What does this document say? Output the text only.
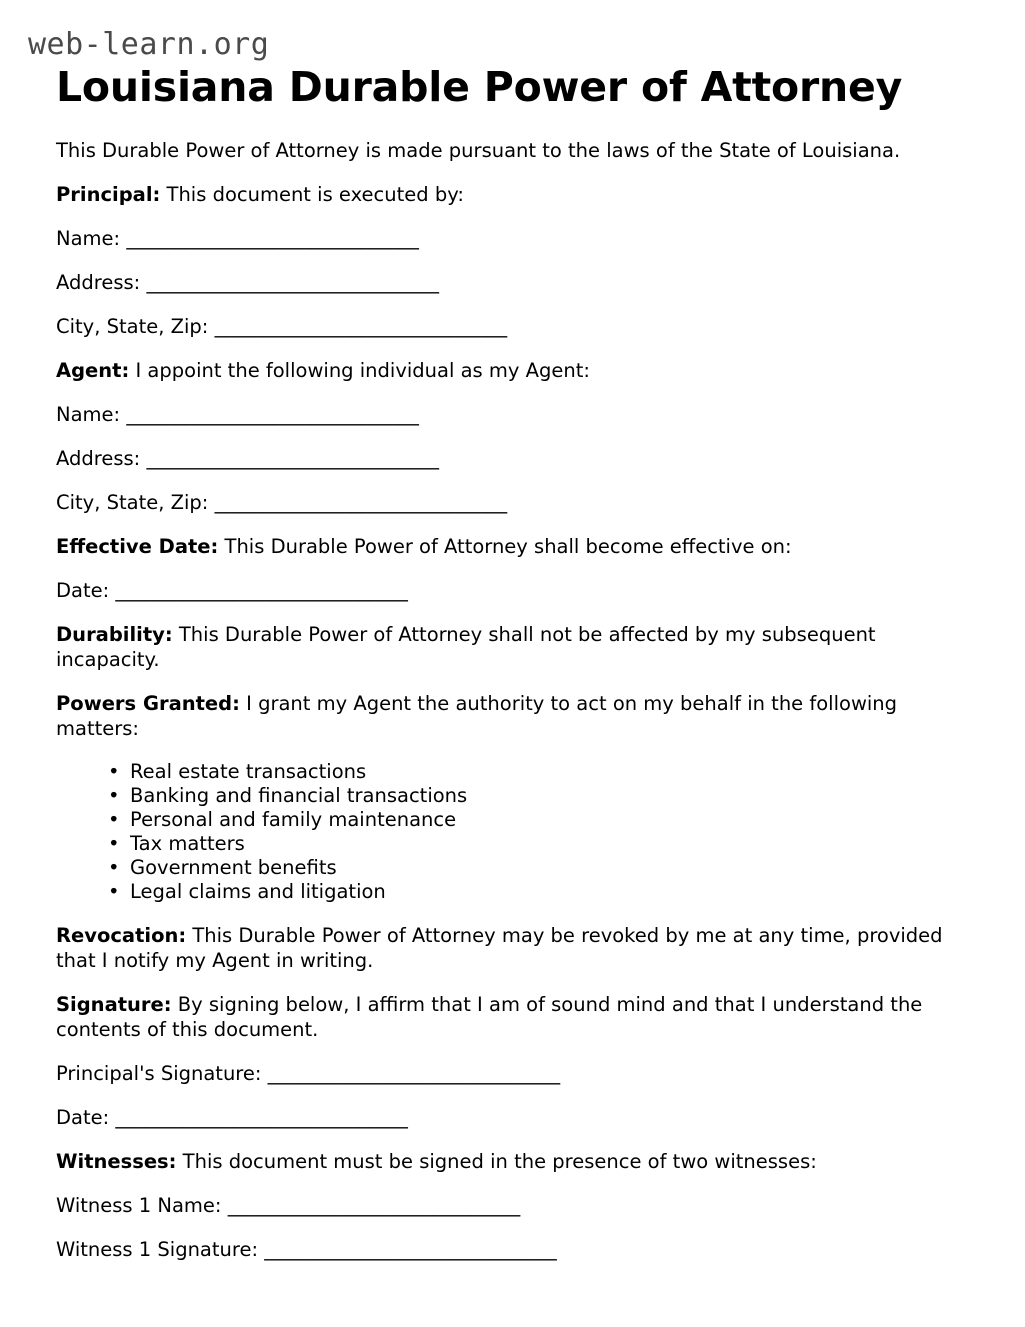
web-learn.org
Louisiana Durable Power of Attorney

This Durable Power of Attorney is made pursuant to the laws of the State of Louisiana.

Principal: This document is executed by:

Name: ______________________________

Address: ______________________________

City, State, Zip: ______________________________

Agent: I appoint the following individual as my Agent:

Name: ______________________________

Address: ______________________________

City, State, Zip: ______________________________

Effective Date: This Durable Power of Attorney shall become effective on:

Date: ______________________________

Durability: This Durable Power of Attorney shall not be affected by my subsequent incapacity.

Powers Granted: I grant my Agent the authority to act on my behalf in the following matters:

• Real estate transactions
• Banking and financial transactions
• Personal and family maintenance
• Tax matters
• Government benefits
• Legal claims and litigation

Revocation: This Durable Power of Attorney may be revoked by me at any time, provided that I notify my Agent in writing.

Signature: By signing below, I affirm that I am of sound mind and that I understand the contents of this document.

Principal's Signature: ______________________________

Date: ______________________________

Witnesses: This document must be signed in the presence of two witnesses:

Witness 1 Name: ______________________________

Witness 1 Signature: ______________________________
